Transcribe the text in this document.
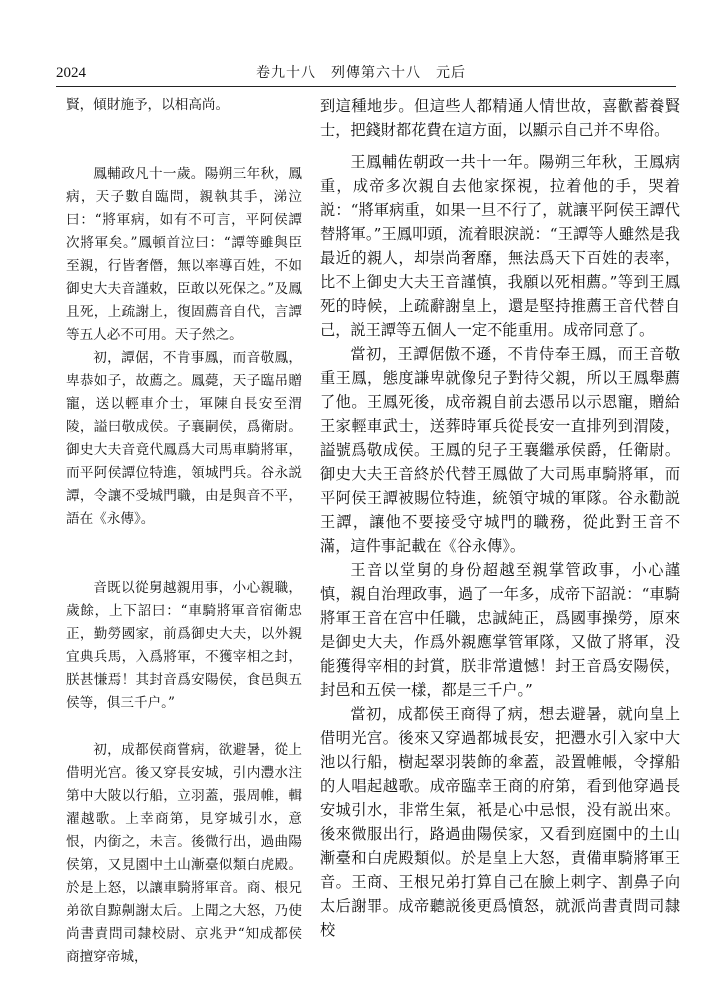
2024	卷九十八　列傳第六十八　元后

賢，傾財施予，以相高尚。

鳳輔政凡十一歲。陽朔三年秋，鳳病，天子數自臨問，親執其手，涕泣曰：“將軍病，如有不可言，平阿侯譚次將軍矣。”鳳頓首泣曰：“譚等雖與臣至親，行皆奢僭，無以率導百姓，不如御史大夫音謹敕，臣敢以死保之。”及鳳且死，上疏謝上，復固薦音自代，言譚等五人必不可用。天子然之。

初，譚倨，不肯事鳳，而音敬鳳，卑恭如子，故薦之。鳳薨，天子臨吊贈寵，送以輕車介士，軍陳自長安至渭陵，謚曰敬成侯。子襄嗣侯，爲衛尉。御史大夫音竟代鳳爲大司馬車騎將軍，而平阿侯譚位特進，領城門兵。谷永説譚，令讓不受城門職，由是與音不平，語在《永傳》。

音既以從舅越親用事，小心親職，歲餘，上下詔曰：“車騎將軍音宿衛忠正，勤勞國家，前爲御史大夫，以外親宜典兵馬，入爲將軍，不獲宰相之封，朕甚慊焉！其封音爲安陽侯，食邑與五侯等，俱三千户。”

初，成都侯商嘗病，欲避暑，從上借明光宫。後又穿長安城，引内灃水注第中大陂以行船，立羽蓋，張周帷，輯濯越歌。上幸商第，見穿城引水，意恨，内銜之，未言。後微行出，過曲陽侯第，又見園中土山漸臺似類白虎殿。於是上怒，以讓車騎將軍音。商、根兄弟欲自黥劓謝太后。上聞之大怒，乃使尚書責問司隸校尉、京兆尹“知成都侯商擅穿帝城，

到這種地步。但這些人都精通人情世故，喜歡蓄養賢士，把錢財都花費在這方面，以顯示自己并不卑俗。

王鳳輔佐朝政一共十一年。陽朔三年秋，王鳳病重，成帝多次親自去他家探視，拉着他的手，哭着説：“將軍病重，如果一旦不行了，就讓平阿侯王譚代替將軍。”王鳳叩頭，流着眼淚説：“王譚等人雖然是我最近的親人，却崇尚奢靡，無法爲天下百姓的表率，比不上御史大夫王音謹慎，我願以死相薦。”等到王鳳死的時候，上疏辭謝皇上，還是堅持推薦王音代替自己，説王譚等五個人一定不能重用。成帝同意了。

當初，王譚倨傲不遜，不肯侍奉王鳳，而王音敬重王鳳，態度謙卑就像兒子對待父親，所以王鳳舉薦了他。王鳳死後，成帝親自前去憑吊以示恩寵，贈給王家輕車武士，送葬時軍兵從長安一直排列到渭陵，謚號爲敬成侯。王鳳的兒子王襄繼承侯爵，任衛尉。御史大夫王音終於代替王鳳做了大司馬車騎將軍，而平阿侯王譚被賜位特進，統領守城的軍隊。谷永勸説王譚，讓他不要接受守城門的職務，從此對王音不滿，這件事記載在《谷永傳》。

王音以堂舅的身份超越至親掌管政事，小心謹慎，親自治理政事，過了一年多，成帝下詔説：“車騎將軍王音在宫中任職，忠誠純正，爲國事操勞，原來是御史大夫，作爲外親應掌管軍隊，又做了將軍，没能獲得宰相的封賞，朕非常遺憾！封王音爲安陽侯，封邑和五侯一樣，都是三千户。”

當初，成都侯王商得了病，想去避暑，就向皇上借明光宫。後來又穿過都城長安，把灃水引入家中大池以行船，樹起翠羽裝飾的傘蓋，設置帷帳，令撑船的人唱起越歌。成帝臨幸王商的府第，看到他穿過長安城引水，非常生氣，衹是心中忌恨，没有説出來。後來微服出行，路過曲陽侯家，又看到庭園中的土山漸臺和白虎殿類似。於是皇上大怒，責備車騎將軍王音。王商、王根兄弟打算自己在臉上刺字、割鼻子向太后謝罪。成帝聽説後更爲憤怒，就派尚書責問司隸校
